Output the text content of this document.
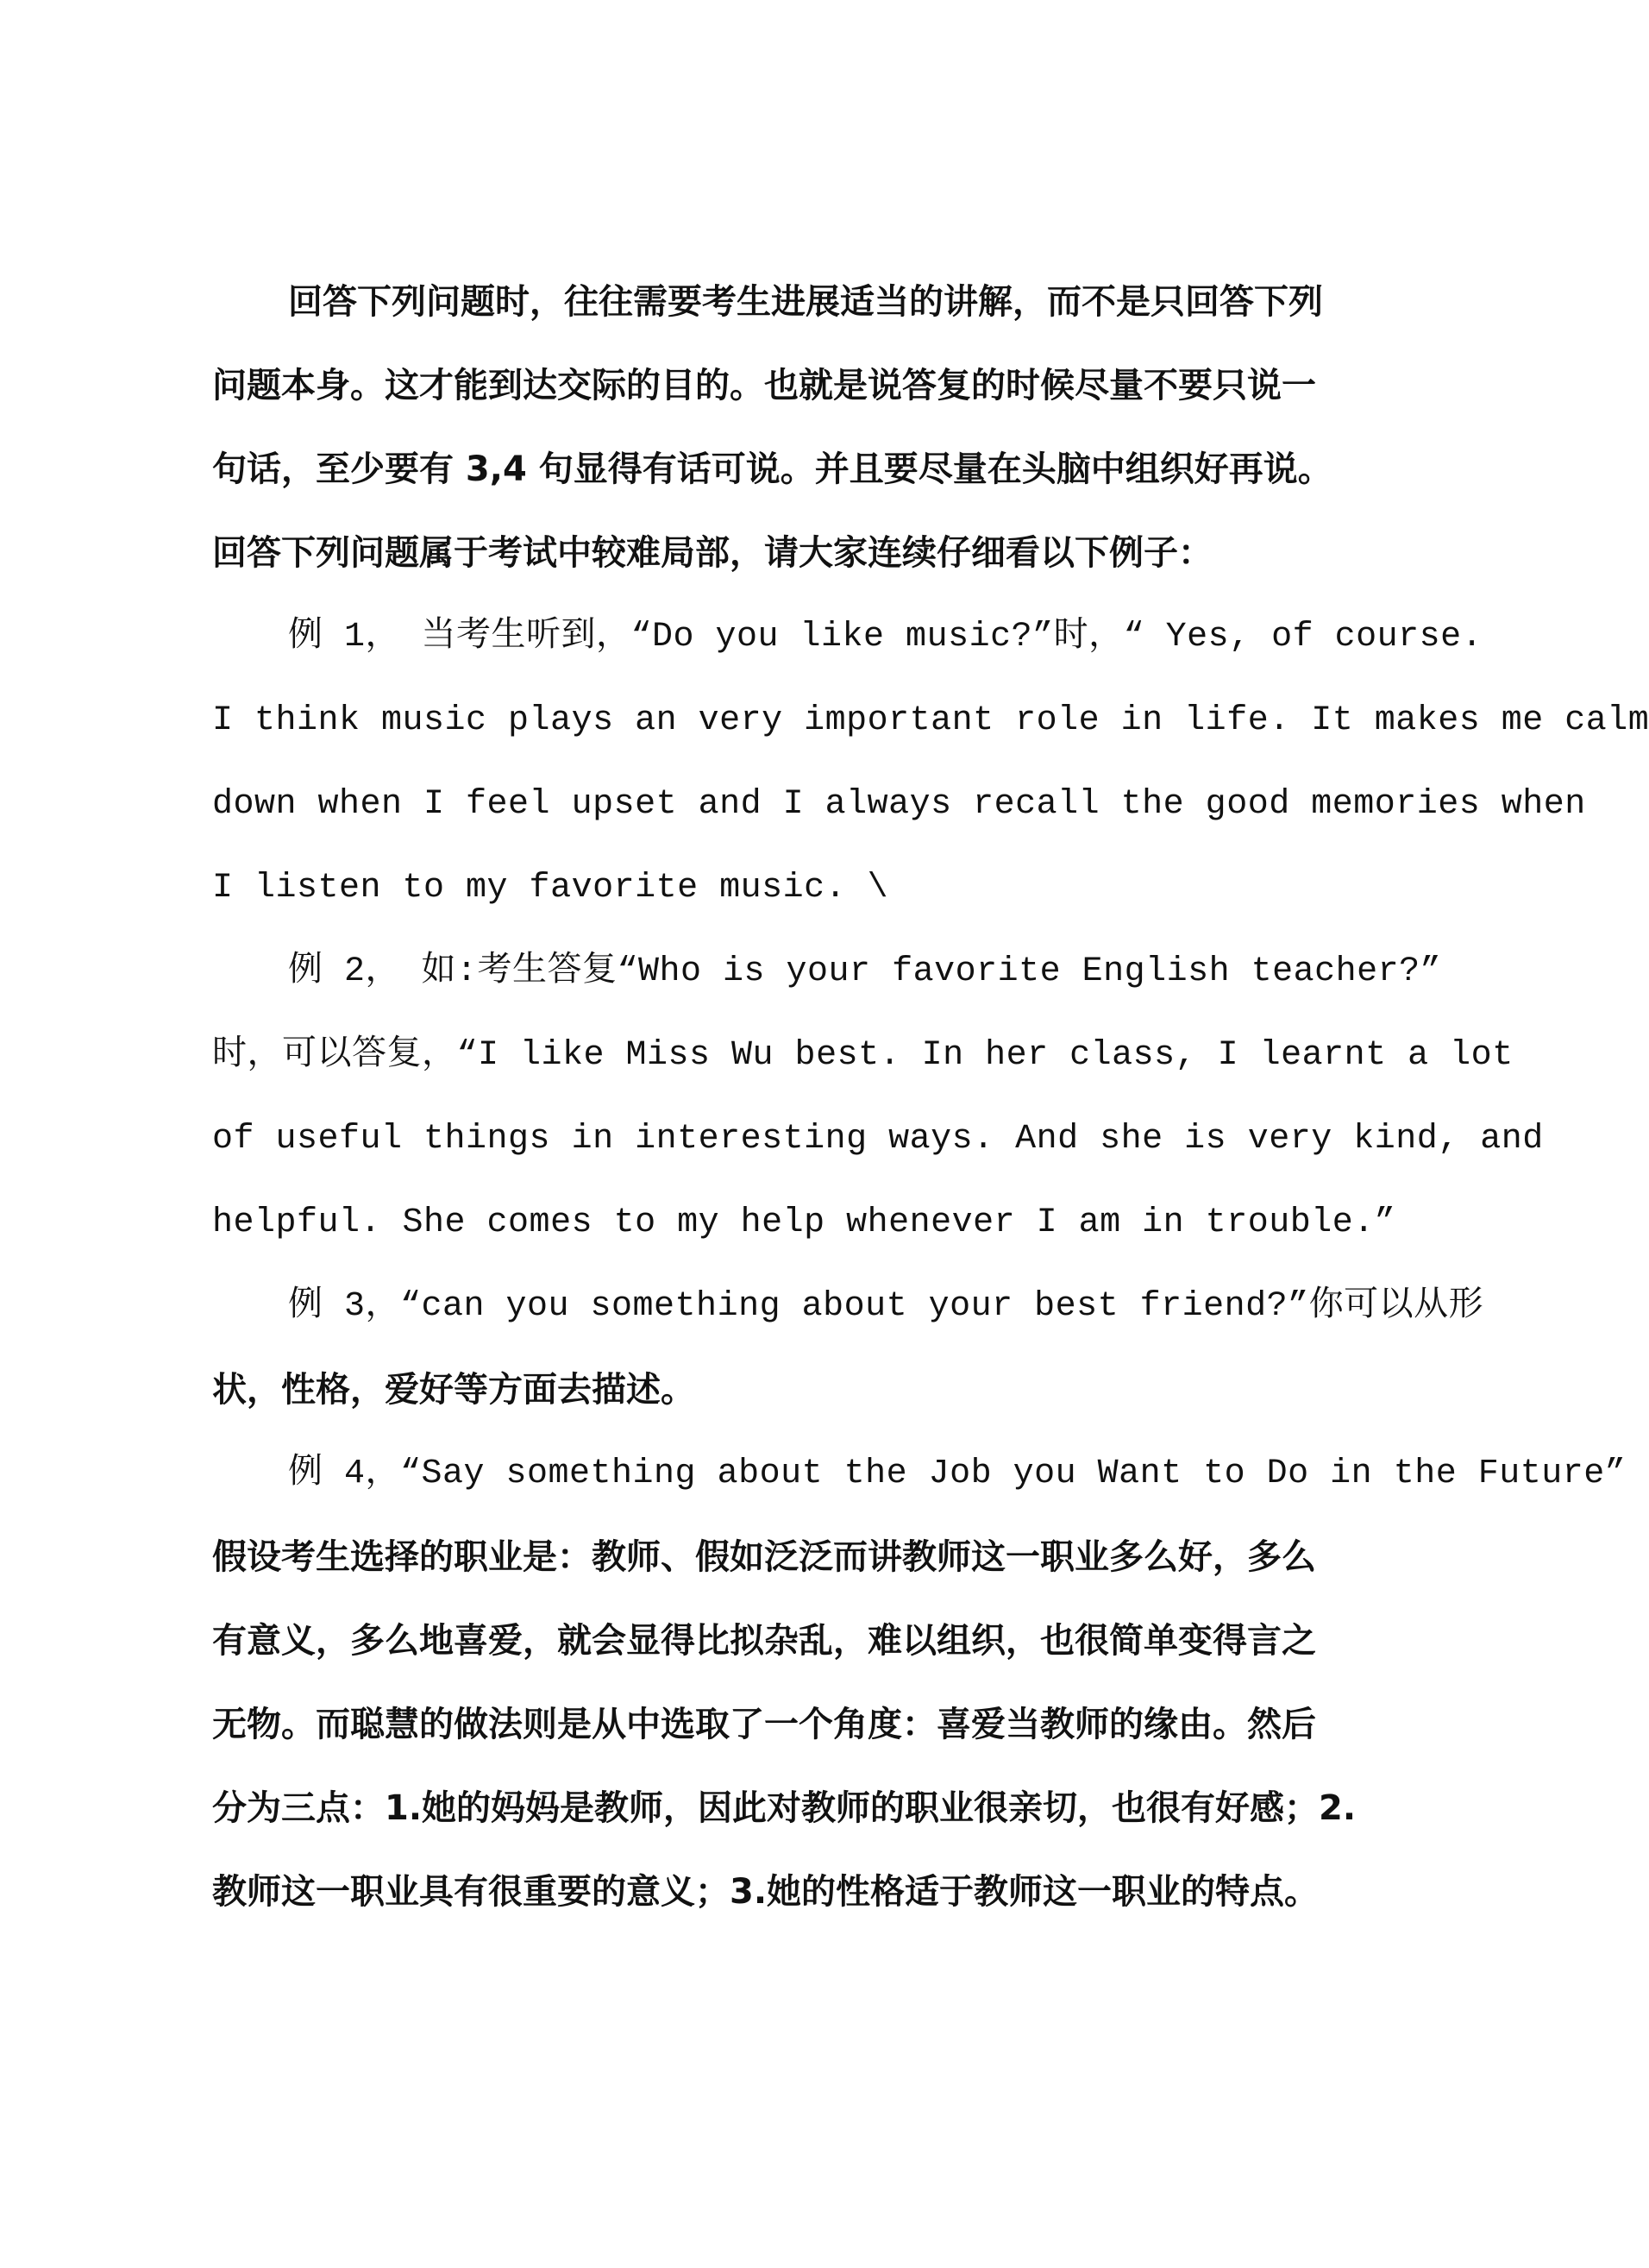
回答下列问题时，往往需要考生进展适当的讲解，而不是只回答下列
问题本身。这才能到达交际的目的。也就是说答复的时候尽量不要只说一
句话，至少要有 3,4 句显得有话可说。并且要尽量在头脑中组织好再说。
回答下列问题属于考试中较难局部，请大家连续仔细看以下例子：
例 1， 当考生听到，“Do you like music?”时，“ Yes, of course.
I think music plays an very important role in life. It makes me calm
down when I feel upset and I always recall the good memories when
I listen to my favorite music. \
例 2， 如:考生答复“Who is your favorite English teacher?”
时，可以答复，“I like Miss Wu best. In her class, I learnt a lot
of useful things in interesting ways. And she is very kind, and
helpful. She comes to my help whenever I am in trouble.”
例 3，“can you something about your best friend?”你可以从形
状，性格，爱好等方面去描述。
例 4，“Say something about the Job you Want to Do in the Future”
假设考生选择的职业是：教师、假如泛泛而讲教师这一职业多么好，多么
有意义，多么地喜爱，就会显得比拟杂乱，难以组织，也很简单变得言之
无物。而聪慧的做法则是从中选取了一个角度：喜爱当教师的缘由。然后
分为三点：1.她的妈妈是教师，因此对教师的职业很亲切，也很有好感；2.
教师这一职业具有很重要的意义；3.她的性格适于教师这一职业的特点。
